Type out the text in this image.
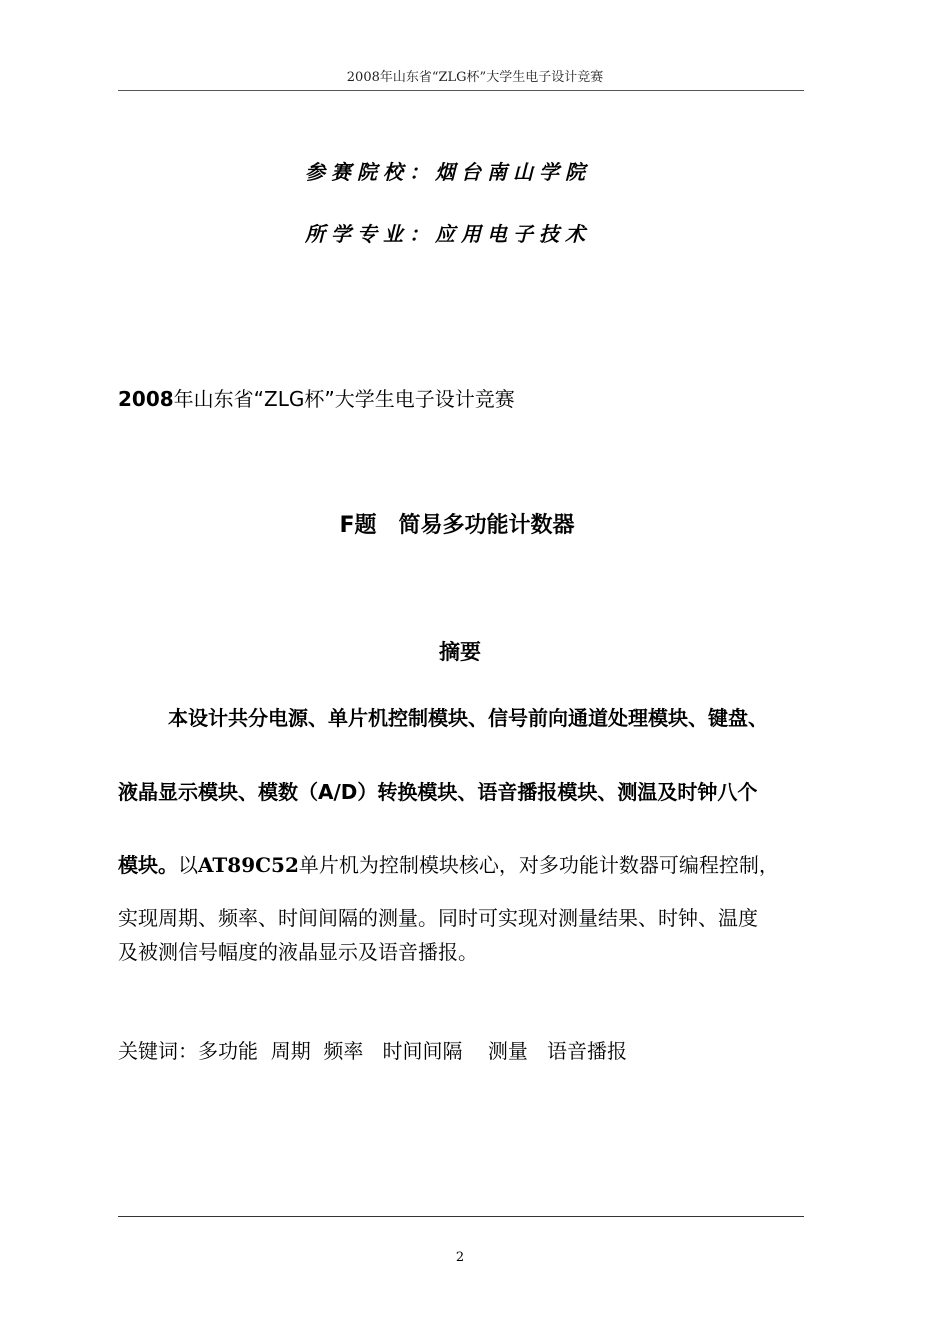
2008年山东省“ZLG杯”大学生电子设计竞赛
参赛院校：烟台南山学院
所学专业：应用电子技术
2008年山东省“ZLG杯”大学生电子设计竞赛
F题　简易多功能计数器
摘要
本设计共分电源、单片机控制模块、信号前向通道处理模块、键盘、
液晶显示模块、模数（A/D）转换模块、语音播报模块、测温及时钟八个
模块。以AT89C52单片机为控制模块核心，对多功能计数器可编程控制，
实现周期、频率、时间间隔的测量。同时可实现对测量结果、时钟、温度
及被测信号幅度的液晶显示及语音播报。
关键词：多功能  周期  频率   时间间隔    测量   语音播报
2
